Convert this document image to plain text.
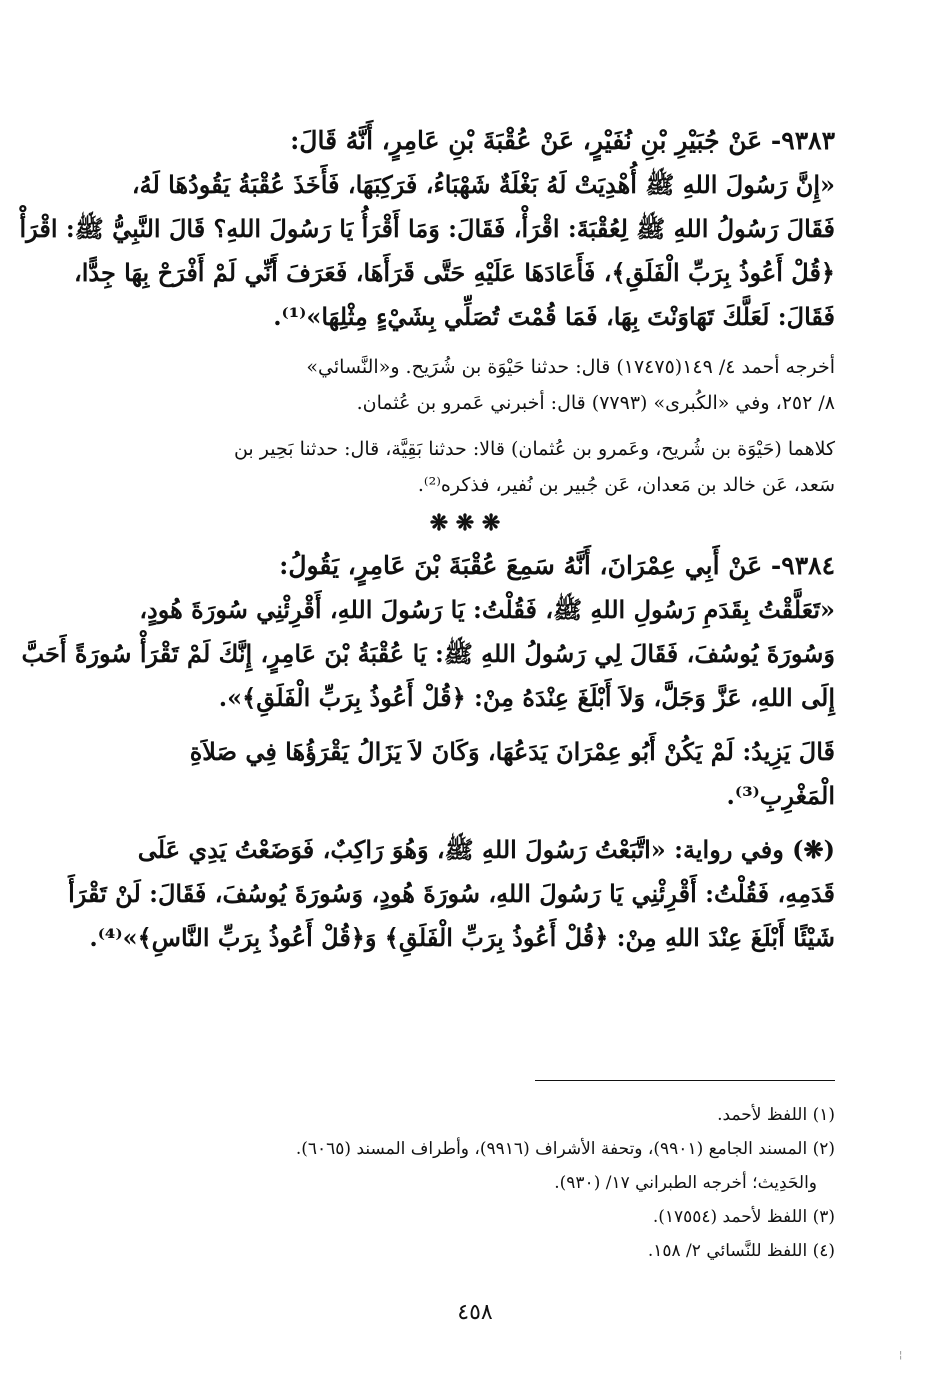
٩٣٨٣- عَنْ جُبَيْرِ بْنِ نُفَيْرٍ، عَنْ عُقْبَةَ بْنِ عَامِرٍ، أَنَّهُ قَالَ:
«إِنَّ رَسُولَ اللهِ ﷺ أُهْدِيَتْ لَهُ بَغْلَةٌ شَهْبَاءُ، فَرَكِبَهَا، فَأَخَذَ عُقْبَةُ يَقُودُهَا لَهُ،
فَقَالَ رَسُولُ اللهِ ﷺ لِعُقْبَةَ: اقْرَأْ، فَقَالَ: وَمَا أَقْرَأُ يَا رَسُولَ اللهِ؟ قَالَ النَّبِيُّ ﷺ: اقْرَأْ
﴿قُلْ أَعُوذُ بِرَبِّ الْفَلَقِ﴾، فَأَعَادَهَا عَلَيْهِ حَتَّى قَرَأَهَا، فَعَرَفَ أَنِّي لَمْ أَفْرَحْ بِهَا جِدًّا،
فَقَالَ: لَعَلَّكَ تَهَاوَنْتَ بِهَا، فَمَا قُمْتَ تُصَلِّي بِشَيْءٍ مِثْلِهَا»⁽¹⁾.
أخرجه أحمد ٤/ ١٤٩(١٧٤٧٥) قال: حدثنا حَيْوَة بن شُرَيح. و«النَّسائي»
٨/ ٢٥٢، وفي «الكُبرى» (٧٧٩٣) قال: أخبرني عَمرو بن عُثمان.
كلاهما (حَيْوَة بن شُريح، وعَمرو بن عُثمان) قالا: حدثنا بَقِيَّة، قال: حدثنا بَحِير بن
سَعد، عَن خالد بن مَعدان، عَن جُبير بن نُفير، فذكره⁽²⁾.
❋ ❋ ❋
٩٣٨٤- عَنْ أَبِي عِمْرَانَ، أَنَّهُ سَمِعَ عُقْبَةَ بْنَ عَامِرٍ، يَقُولُ:
«تَعَلَّقْتُ بِقَدَمِ رَسُولِ اللهِ ﷺ، فَقُلْتُ: يَا رَسُولَ اللهِ، أَقْرِئْنِي سُورَةَ هُودٍ،
وَسُورَةَ يُوسُفَ، فَقَالَ لِي رَسُولُ اللهِ ﷺ: يَا عُقْبَةُ بْنَ عَامِرٍ، إِنَّكَ لَمْ تَقْرَأْ سُورَةً أَحَبَّ
إِلَى اللهِ، عَزَّ وَجَلَّ، وَلاَ أَبْلَغَ عِنْدَهُ مِنْ: ﴿قُلْ أَعُوذُ بِرَبِّ الْفَلَقِ﴾».
قَالَ يَزِيدُ: لَمْ يَكُنْ أَبُو عِمْرَانَ يَدَعُهَا، وَكَانَ لاَ يَزَالُ يَقْرَؤُهَا فِي صَلاَةِ
الْمَغْرِبِ⁽³⁾.
(❋) وفي رواية: «اتَّبَعْتُ رَسُولَ اللهِ ﷺ، وَهُوَ رَاكِبٌ، فَوَضَعْتُ يَدِي عَلَى
قَدَمِهِ، فَقُلْتُ: أَقْرِئْنِي يَا رَسُولَ اللهِ، سُورَةَ هُودٍ، وَسُورَةَ يُوسُفَ، فَقَالَ: لَنْ تَقْرَأَ
شَيْئًا أَبْلَغَ عِنْدَ اللهِ مِنْ: ﴿قُلْ أَعُوذُ بِرَبِّ الْفَلَقِ﴾ وَ﴿قُلْ أَعُوذُ بِرَبِّ النَّاسِ﴾»⁽⁴⁾.
(١) اللفظ لأحمد.
(٢) المسند الجامع (٩٩٠١)، وتحفة الأشراف (٩٩١٦)، وأطراف المسند (٦٠٦٥).
والحَدِيث؛ أخرجه الطبراني ١٧/ (٩٣٠).
(٣) اللفظ لأحمد (١٧٥٥٤).
(٤) اللفظ للنَّسائي ٢/ ١٥٨.
٤٥٨
¦
